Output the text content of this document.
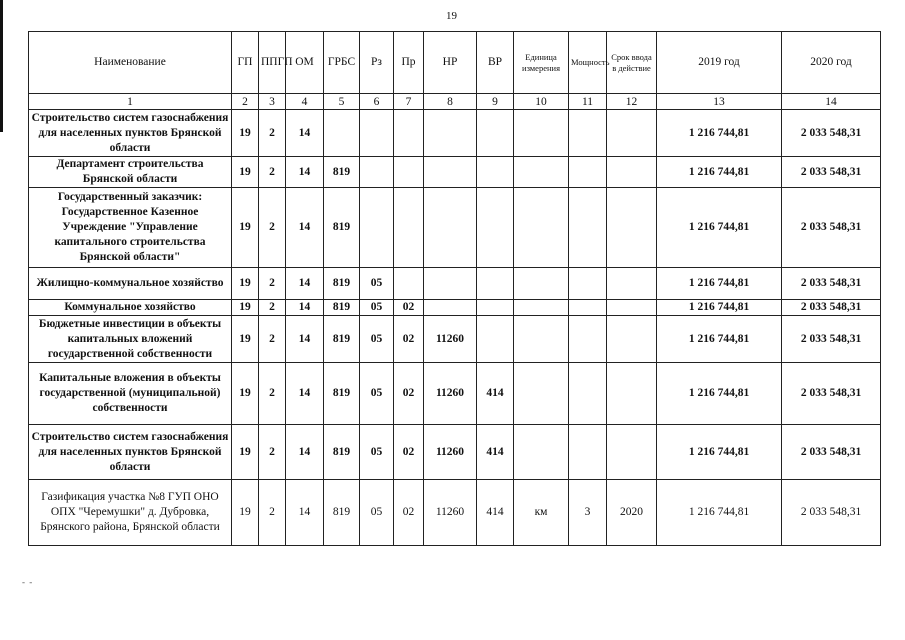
19
Наименование	ГП	ППГП	ОМ	ГРБС	Рз	Пр	НР	ВР	Единица измерения	Мощность	Срок ввода в действие	2019 год	2020 год
1	2	3	4	5	6	7	8	9	10	11	12	13	14
Строительство систем газоснабжения для населенных пунктов Брянской области	19	2	14									1 216 744,81	2 033 548,31
Департамент строительства Брянской области	19	2	14	819								1 216 744,81	2 033 548,31
Государственный заказчик: Государственное Казенное Учреждение "Управление капитального строительства Брянской области"	19	2	14	819								1 216 744,81	2 033 548,31
Жилищно-коммунальное хозяйство	19	2	14	819	05							1 216 744,81	2 033 548,31
Коммунальное хозяйство	19	2	14	819	05	02						1 216 744,81	2 033 548,31
Бюджетные инвестиции в объекты капитальных вложений государственной собственности	19	2	14	819	05	02	11260					1 216 744,81	2 033 548,31
Капитальные вложения в объекты государственной (муниципальной) собственности	19	2	14	819	05	02	11260	414				1 216 744,81	2 033 548,31
Строительство систем газоснабжения для населенных пунктов Брянской области	19	2	14	819	05	02	11260	414				1 216 744,81	2 033 548,31
Газификация участка №8 ГУП ОНО ОПХ "Черемушки" д. Дубровка, Брянского района, Брянской области	19	2	14	819	05	02	11260	414	км	3	2020	1 216 744,81	2 033 548,31
- -
